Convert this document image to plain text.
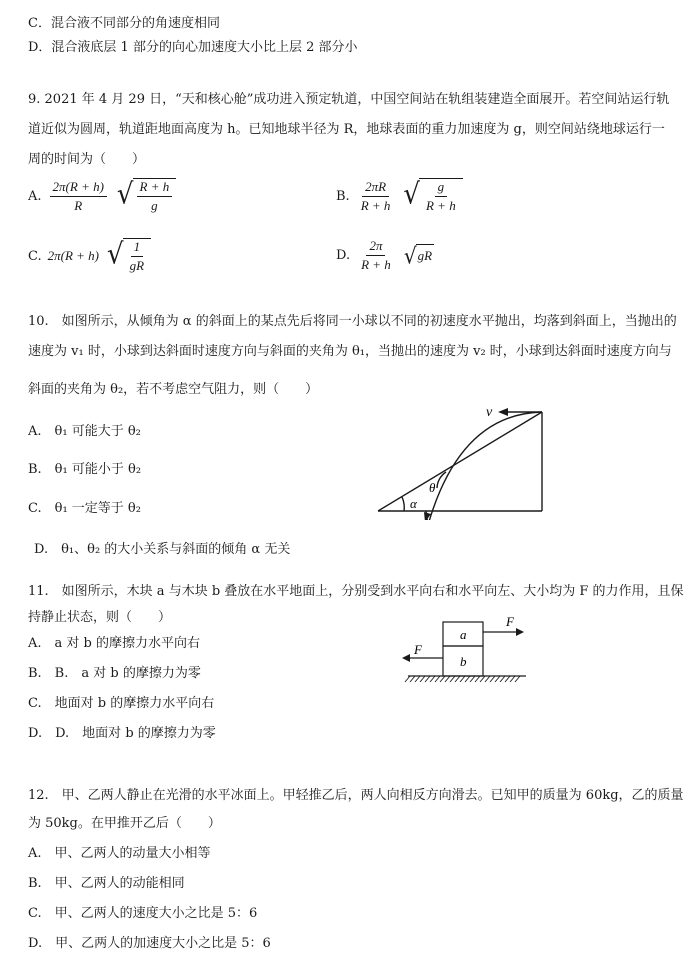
C．混合液不同部分的角速度相同
D．混合液底层 1 部分的向心加速度大小比上层 2 部分小
9. 2021 年 4 月 29 日，“天和核心舱”成功进入预定轨道，中国空间站在轨组装建造全面展开。若空间站运行轨
道近似为圆周，轨道距地面高度为 h。已知地球半径为 R，地球表面的重力加速度为 g，则空间站绕地球运行一
周的时间为（　　）
A. $\frac{2\pi(R + h)}{R}$ √ $\frac{R + h}{g}$	B. $\frac{2\pi R}{R + h}$ √ $\frac{g}{R + h}$
C. 2π(R + h) √ $\frac{1}{gR}$	D. $\frac{2\pi}{R + h}$ √ gR
10.　如图所示，从倾角为 α 的斜面上的某点先后将同一小球以不同的初速度水平抛出，均落到斜面上，当抛出的
速度为 v₁ 时，小球到达斜面时速度方向与斜面的夹角为 θ₁，当抛出的速度为 v₂ 时，小球到达斜面时速度方向与
斜面的夹角为 θ₂，若不考虑空气阻力，则（　　）
A.　θ₁ 可能大于 θ₂
B.　θ₁ 可能小于 θ₂
C.　θ₁ 一定等于 θ₂
D.　θ₁、θ₂ 的大小关系与斜面的倾角 α 无关
v
θ
α
11.　如图所示，木块 a 与木块 b 叠放在水平地面上，分别受到水平向右和水平向左、大小均为 F 的力作用，且保
持静止状态，则（　　）
A.　a 对 b 的摩擦力水平向右
B.　B.　a 对 b 的摩擦力为零
C.　地面对 b 的摩擦力水平向右
D.　D.　地面对 b 的摩擦力为零
a
b
F
F
12.　甲、乙两人静止在光滑的水平冰面上。甲轻推乙后，两人向相反方向滑去。已知甲的质量为 60kg，乙的质量
为 50kg。在甲推开乙后（　　）
A.　甲、乙两人的动量大小相等
B.　甲、乙两人的动能相同
C.　甲、乙两人的速度大小之比是 5：6
D.　甲、乙两人的加速度大小之比是 5：6
